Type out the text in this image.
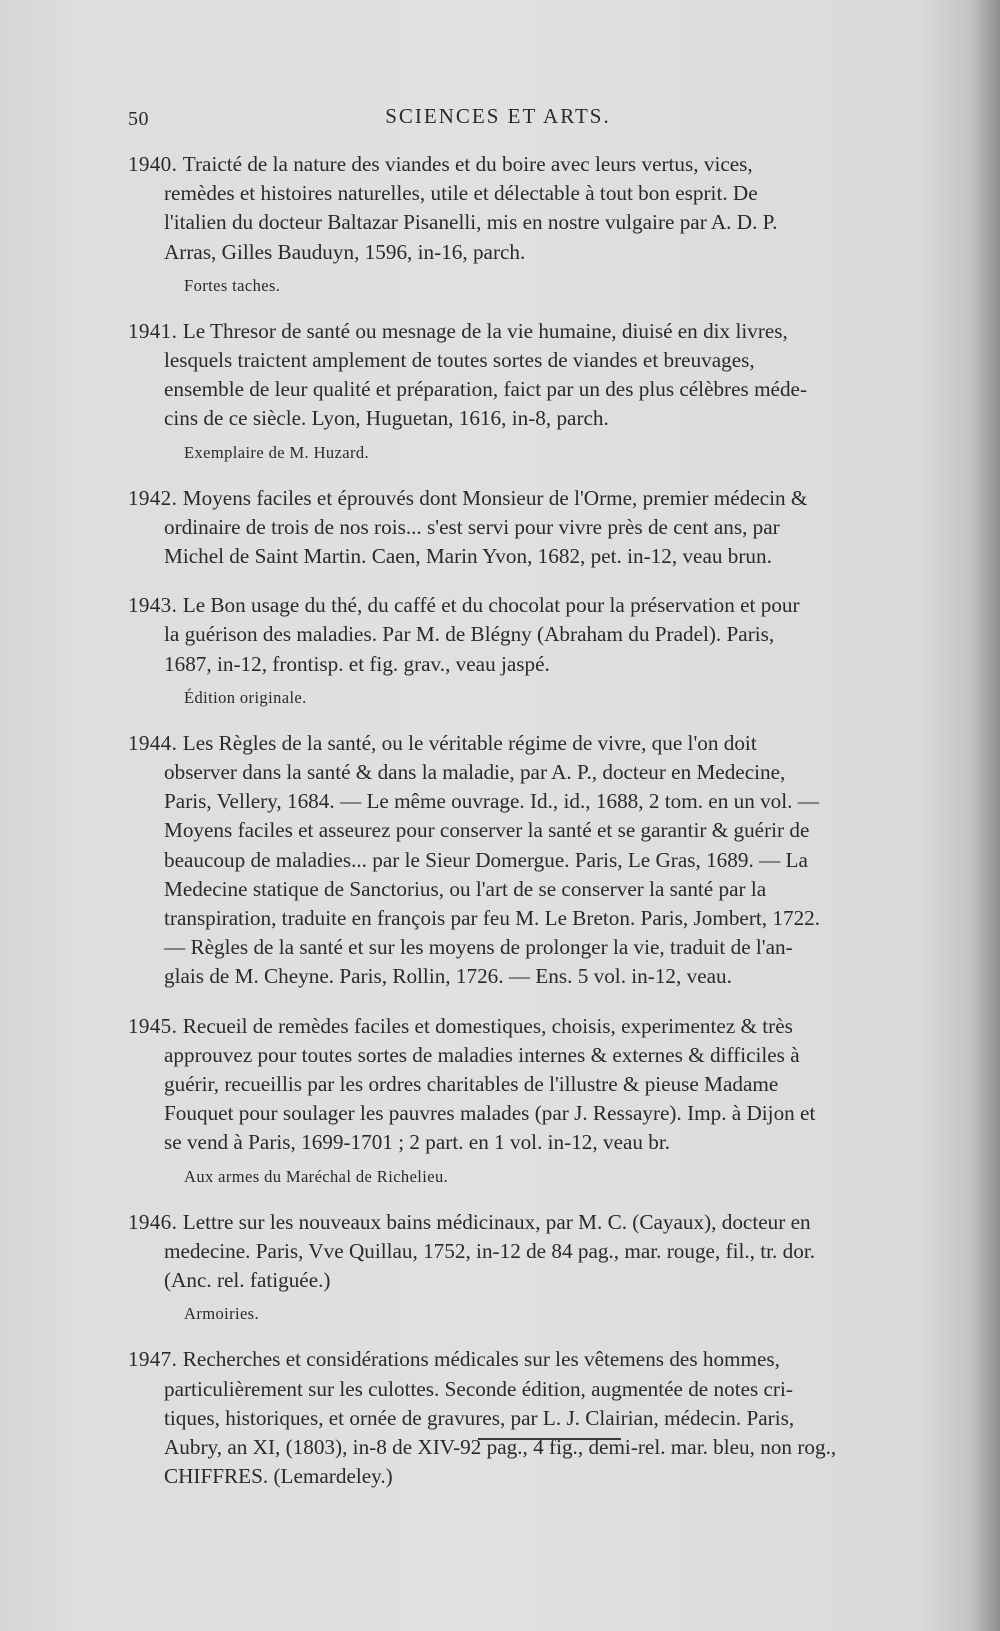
50	SCIENCES ET ARTS.
1940. Traicté de la nature des viandes et du boire avec leurs vertus, vices,
remèdes et histoires naturelles, utile et délectable à tout bon esprit. De
l'italien du docteur Baltazar Pisanelli, mis en nostre vulgaire par A. D. P.
Arras, Gilles Bauduyn, 1596, in-16, parch.
Fortes taches.
1941. Le Thresor de santé ou mesnage de la vie humaine, diuisé en dix livres,
lesquels traictent amplement de toutes sortes de viandes et breuvages,
ensemble de leur qualité et préparation, faict par un des plus célèbres méde-
cins de ce siècle. Lyon, Huguetan, 1616, in-8, parch.
Exemplaire de M. Huzard.
1942. Moyens faciles et éprouvés dont Monsieur de l'Orme, premier médecin &
ordinaire de trois de nos rois... s'est servi pour vivre près de cent ans, par
Michel de Saint Martin. Caen, Marin Yvon, 1682, pet. in-12, veau brun.
1943. Le Bon usage du thé, du caffé et du chocolat pour la préservation et pour
la guérison des maladies. Par M. de Blégny (Abraham du Pradel). Paris,
1687, in-12, frontisp. et fig. grav., veau jaspé.
Édition originale.
1944. Les Règles de la santé, ou le véritable régime de vivre, que l'on doit
observer dans la santé & dans la maladie, par A. P., docteur en Medecine,
Paris, Vellery, 1684. — Le même ouvrage. Id., id., 1688, 2 tom. en un vol. —
Moyens faciles et asseurez pour conserver la santé et se garantir & guérir de
beaucoup de maladies... par le Sieur Domergue. Paris, Le Gras, 1689. — La
Medecine statique de Sanctorius, ou l'art de se conserver la santé par la
transpiration, traduite en françois par feu M. Le Breton. Paris, Jombert, 1722.
— Règles de la santé et sur les moyens de prolonger la vie, traduit de l'an-
glais de M. Cheyne. Paris, Rollin, 1726. — Ens. 5 vol. in-12, veau.
1945. Recueil de remèdes faciles et domestiques, choisis, experimentez & très
approuvez pour toutes sortes de maladies internes & externes & difficiles à
guérir, recueillis par les ordres charitables de l'illustre & pieuse Madame
Fouquet pour soulager les pauvres malades (par J. Ressayre). Imp. à Dijon et
se vend à Paris, 1699-1701 ; 2 part. en 1 vol. in-12, veau br.
Aux armes du Maréchal de Richelieu.
1946. Lettre sur les nouveaux bains médicinaux, par M. C. (Cayaux), docteur en
medecine. Paris, Vve Quillau, 1752, in-12 de 84 pag., mar. rouge, fil., tr. dor.
(Anc. rel. fatiguée.)
Armoiries.
1947. Recherches et considérations médicales sur les vêtemens des hommes,
particulièrement sur les culottes. Seconde édition, augmentée de notes cri-
tiques, historiques, et ornée de gravures, par L. J. Clairian, médecin. Paris,
Aubry, an XI, (1803), in-8 de XIV-92 pag., 4 fig., demi-rel. mar. bleu, non rog.,
CHIFFRES. (Lemardeley.)
